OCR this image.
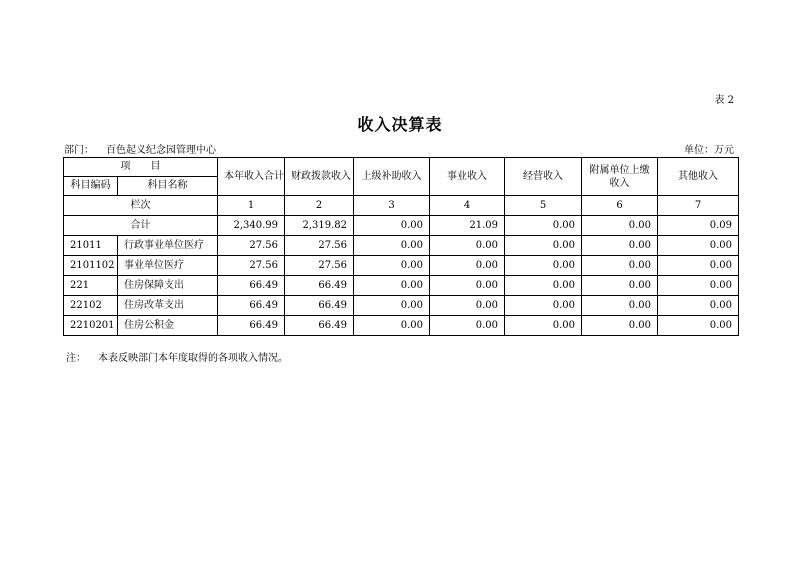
表 2
收入决算表
部门： 百色起义纪念园管理中心	单位：万元
项　　目		本年收入合计	财政拨款收入	上级补助收入	事业收入	经营收入	附属单位上缴收入	其他收入
科目编码	科目名称							
栏次		1	2	3	4	5	6	7
合计		2,340.99	2,319.82	0.00	21.09	0.00	0.00	0.09
21011	行政事业单位医疗	27.56	27.56	0.00	0.00	0.00	0.00	0.00
2101102	事业单位医疗	27.56	27.56	0.00	0.00	0.00	0.00	0.00
221	住房保障支出	66.49	66.49	0.00	0.00	0.00	0.00	0.00
22102	住房改革支出	66.49	66.49	0.00	0.00	0.00	0.00	0.00
2210201	住房公积金	66.49	66.49	0.00	0.00	0.00	0.00	0.00
注： 本表反映部门本年度取得的各项收入情况。
